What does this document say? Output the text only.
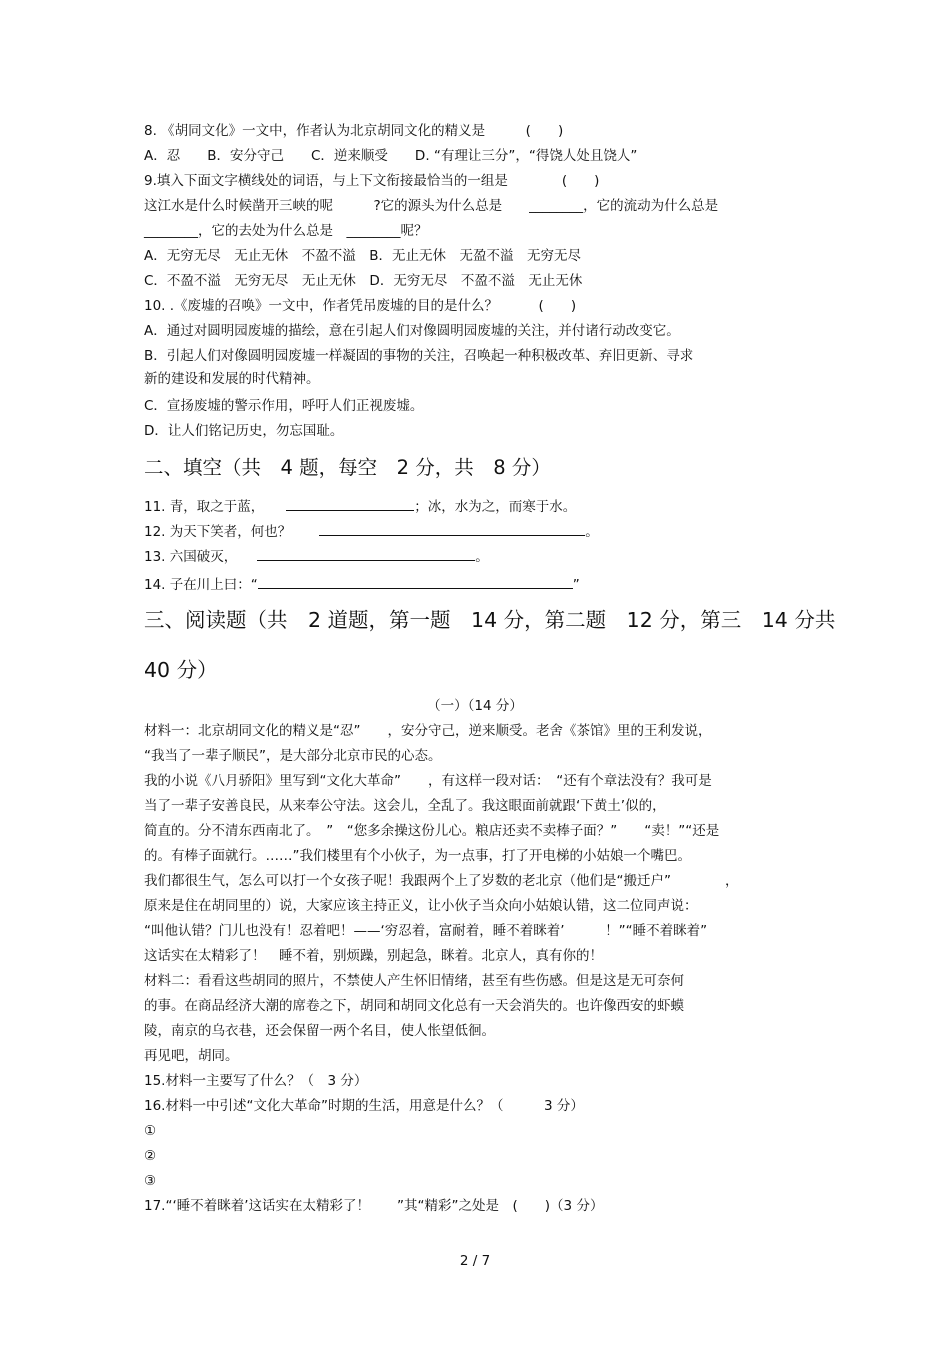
8. 《胡同文化》一文中，作者认为北京胡同文化的精义是　　　(　　)
A．忍　　B．安分守己　　C．逆来顺受　　D. “有理让三分”，“得饶人处且饶人”
9.填入下面文字横线处的词语，与上下文衔接最恰当的一组是　　　　(　　)
这江水是什么时候凿开三峡的呢　　　?它的源头为什么总是　　________，它的流动为什么总是
________，它的去处为什么总是　________呢？
A．无穷无尽　无止无休　不盈不溢　B．无止无休　无盈不溢　无穷无尽
C．不盈不溢　无穷无尽　无止无休　D．无穷无尽　不盈不溢　无止无休
10. .《废墟的召唤》一文中，作者凭吊废墟的目的是什么？　　　(　　)
A．通过对圆明园废墟的描绘，意在引起人们对像圆明园废墟的关注，并付诸行动改变它。
B．引起人们对像圆明园废墟一样凝固的事物的关注，召唤起一种积极改革、弃旧更新、寻求
新的建设和发展的时代精神。
C．宣扬废墟的警示作用，呼吁人们正视废墟。
D．让人们铭记历史，勿忘国耻。
二、填空（共　4 题，每空　2 分，共　8 分）
11. 青，取之于蓝，	；冰，水为之，而寒于水。
12. 为天下笑者，何也？	。
13. 六国破灭，	。
14. 子在川上曰：“	”
三、阅读题（共　2 道题，第一题　14 分，第二题　12 分，第三　14 分共
40 分）
（一）（14 分）
材料一：北京胡同文化的精义是“忍”　　，安分守己，逆来顺受。老舍《茶馆》里的王利发说，
“我当了一辈子顺民”，是大部分北京市民的心态。
我的小说《八月骄阳》里写到“文化大革命”　　，有这样一段对话：　“还有个章法没有？我可是
当了一辈子安善良民，从来奉公守法。这会儿，全乱了。我这眼面前就跟‘下黄土’似的，
简直的。分不清东西南北了。　”　“您多余操这份儿心。粮店还卖不卖棒子面？”　　“卖！”“还是
的。有棒子面就行。……”我们楼里有个小伙子，为一点事，打了开电梯的小姑娘一个嘴巴。
我们都很生气，怎么可以打一个女孩子呢！我跟两个上了岁数的老北京（他们是“搬迁户”　　　　，
原来是住在胡同里的）说，大家应该主持正义，让小伙子当众向小姑娘认错，这二位同声说：
“叫他认错？门儿也没有！忍着吧！——‘穷忍着，富耐着，睡不着眯着’　　　！”“睡不着眯着”
这话实在太精彩了！　睡不着，别烦躁，别起急，眯着。北京人，真有你的！
材料二：看看这些胡同的照片，不禁使人产生怀旧情绪，甚至有些伤感。但是这是无可奈何
的事。在商品经济大潮的席卷之下，胡同和胡同文化总有一天会消失的。也许像西安的虾蟆
陵，南京的乌衣巷，还会保留一两个名目，使人怅望低徊。
再见吧，胡同。
15.材料一主要写了什么？（　3 分）
16.材料一中引述“文化大革命”时期的生活，用意是什么？（　　　3 分）
①
②
③
17.“‘睡不着眯着’这话实在太精彩了！　　”其“精彩”之处是　(　　)（3 分）
2 / 7
